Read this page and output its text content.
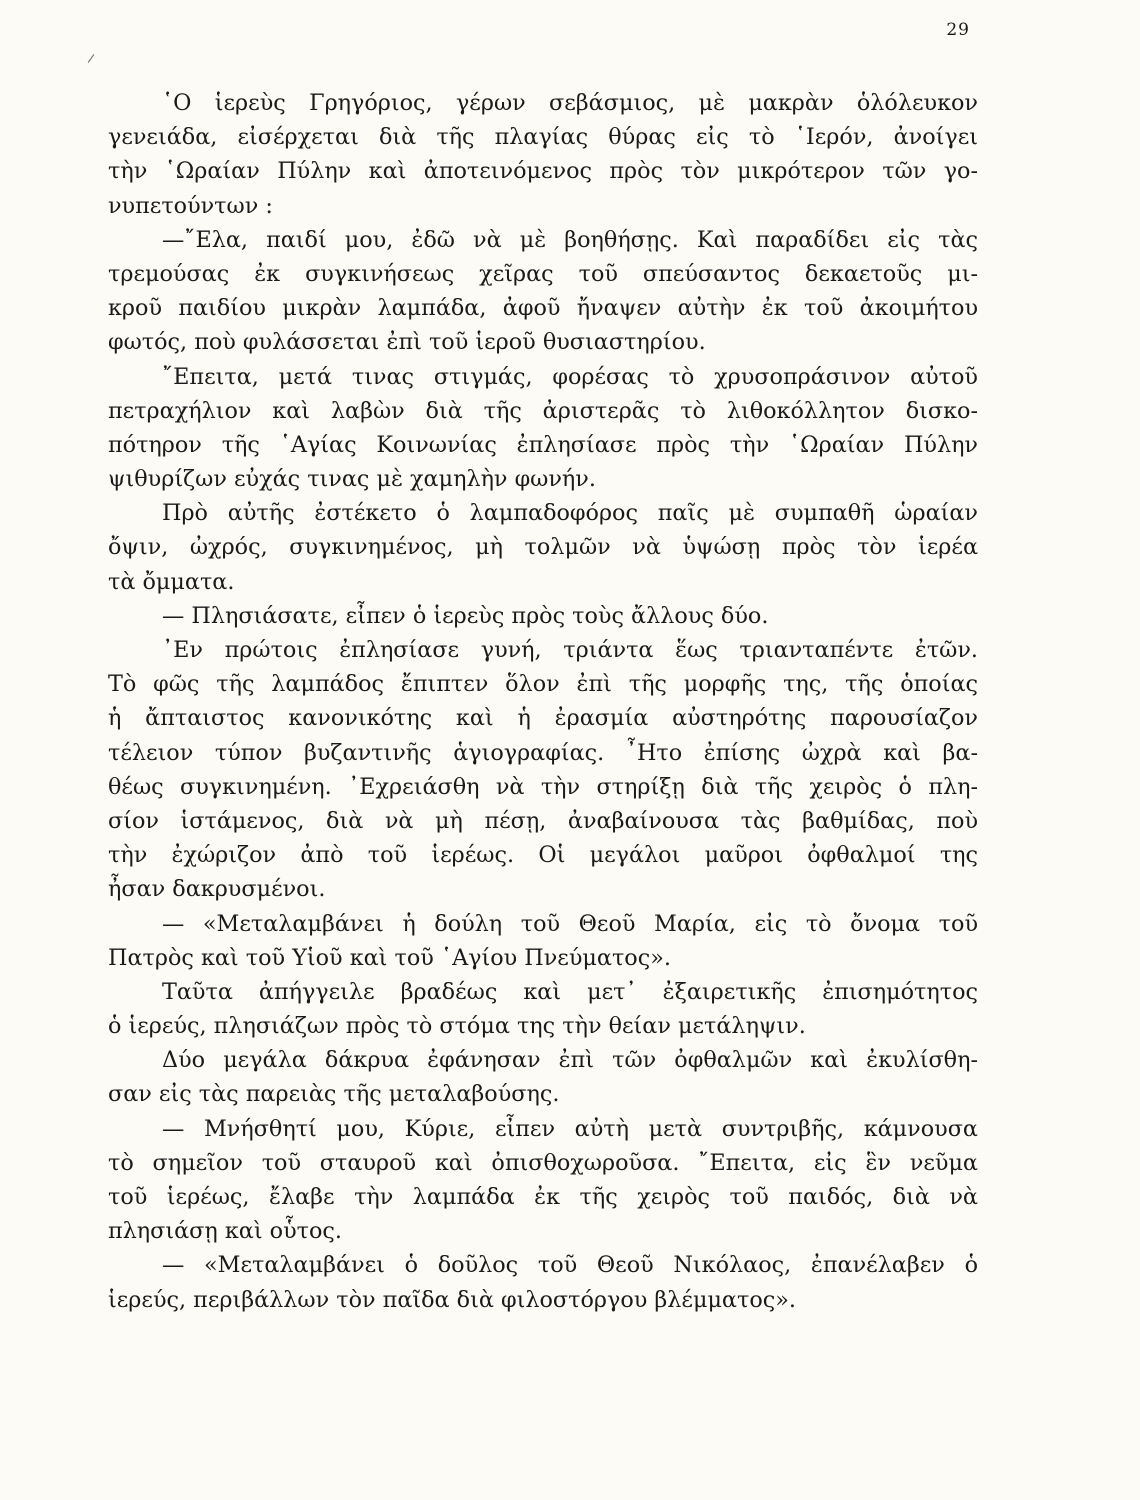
29
῾Ο ἱερεὺς Γρηγόριος, γέρων σεβάσμιος, μὲ μακρὰν ὁλόλευκον
γενειάδα, εἰσέρχεται διὰ τῆς πλαγίας θύρας εἰς τὸ ῾Ιερόν, ἀνοίγει
τὴν ῾Ωραίαν Πύλην καὶ ἀποτεινόμενος πρὸς τὸν μικρότερον τῶν γο-
νυπετούντων :
—῎Ελα, παιδί μου, ἐδῶ νὰ μὲ βοηθήσῃς. Καὶ παραδίδει εἰς τὰς
τρεμούσας ἐκ συγκινήσεως χεῖρας τοῦ σπεύσαντος δεκαετοῦς μι-
κροῦ παιδίου μικρὰν λαμπάδα, ἀφοῦ ἤναψεν αὐτὴν ἐκ τοῦ ἀκοιμήτου
φωτός, ποὺ φυλάσσεται ἐπὶ τοῦ ἱεροῦ θυσιαστηρίου.
῎Επειτα, μετά τινας στιγμάς, φορέσας τὸ χρυσοπράσινον αὐτοῦ
πετραχήλιον καὶ λαβὼν διὰ τῆς ἀριστερᾶς τὸ λιθοκόλλητον δισκο-
πότηρον τῆς ῾Αγίας Κοινωνίας ἐπλησίασε πρὸς τὴν ῾Ωραίαν Πύλην
ψιθυρίζων εὐχάς τινας μὲ χαμηλὴν φωνήν.
Πρὸ αὐτῆς ἐστέκετο ὁ λαμπαδοφόρος παῖς μὲ συμπαθῆ ὡραίαν
ὄψιν, ὠχρός, συγκινημένος, μὴ τολμῶν νὰ ὑψώσῃ πρὸς τὸν ἱερέα
τὰ ὄμματα.
— Πλησιάσατε, εἶπεν ὁ ἱερεὺς πρὸς τοὺς ἄλλους δύο.
᾿Εν πρώτοις ἐπλησίασε γυνή, τριάντα ἕως τριανταπέντε ἐτῶν.
Τὸ φῶς τῆς λαμπάδος ἔπιπτεν ὅλον ἐπὶ τῆς μορφῆς της, τῆς ὁποίας
ἡ ἄπταιστος κανονικότης καὶ ἡ ἐρασμία αὐστηρότης παρουσίαζον
τέλειον τύπον βυζαντινῆς ἁγιογραφίας. ῏Ητο ἐπίσης ὠχρὰ καὶ βα-
θέως συγκινημένη. ᾿Εχρειάσθη νὰ τὴν στηρίξῃ διὰ τῆς χειρὸς ὁ πλη-
σίον ἱστάμενος, διὰ νὰ μὴ πέσῃ, ἀναβαίνουσα τὰς βαθμίδας, ποὺ
τὴν ἐχώριζον ἀπὸ τοῦ ἱερέως. Οἱ μεγάλοι μαῦροι ὀφθαλμοί της
ἦσαν δακρυσμένοι.
— «Μεταλαμβάνει ἡ δούλη τοῦ Θεοῦ Μαρία, εἰς τὸ ὄνομα τοῦ
Πατρὸς καὶ τοῦ Υἱοῦ καὶ τοῦ ῾Αγίου Πνεύματος».
Ταῦτα ἀπήγγειλε βραδέως καὶ μετ᾿ ἐξαιρετικῆς ἐπισημότητος
ὁ ἱερεύς, πλησιάζων πρὸς τὸ στόμα της τὴν θείαν μετάληψιν.
Δύο μεγάλα δάκρυα ἐφάνησαν ἐπὶ τῶν ὀφθαλμῶν καὶ ἐκυλίσθη-
σαν εἰς τὰς παρειὰς τῆς μεταλαβούσης.
— Μνήσθητί μου, Κύριε, εἶπεν αὐτὴ μετὰ συντριβῆς, κάμνουσα
τὸ σημεῖον τοῦ σταυροῦ καὶ ὀπισθοχωροῦσα. ῎Επειτα, εἰς ἓν νεῦμα
τοῦ ἱερέως, ἔλαβε τὴν λαμπάδα ἐκ τῆς χειρὸς τοῦ παιδός, διὰ νὰ
πλησιάσῃ καὶ οὗτος.
— «Μεταλαμβάνει ὁ δοῦλος τοῦ Θεοῦ Νικόλαος, ἐπανέλαβεν ὁ
ἱερεύς, περιβάλλων τὸν παῖδα διὰ φιλοστόργου βλέμματος».
